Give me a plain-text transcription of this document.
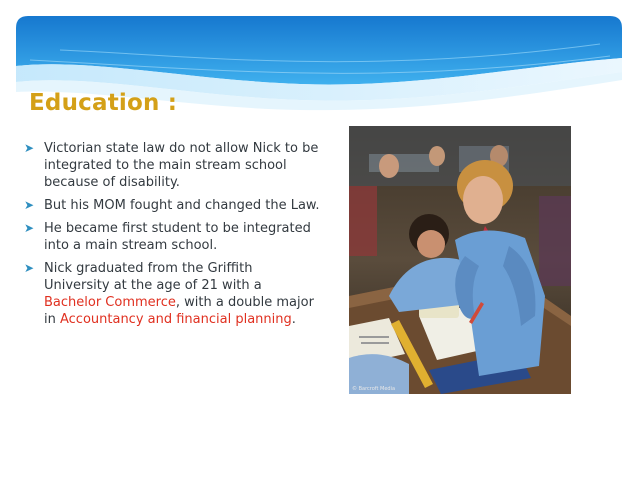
Education :
➤ Victorian state law do not allow Nick to be integrated to the main stream school because of disability.
➤ But his MOM fought and changed the Law.
➤ He became first student to be integrated into a main stream school.
➤ Nick graduated from the Griffith University at the age of 21 with a Bachelor Commerce, with a double major in Accountancy and financial planning.
© Barcroft Media
